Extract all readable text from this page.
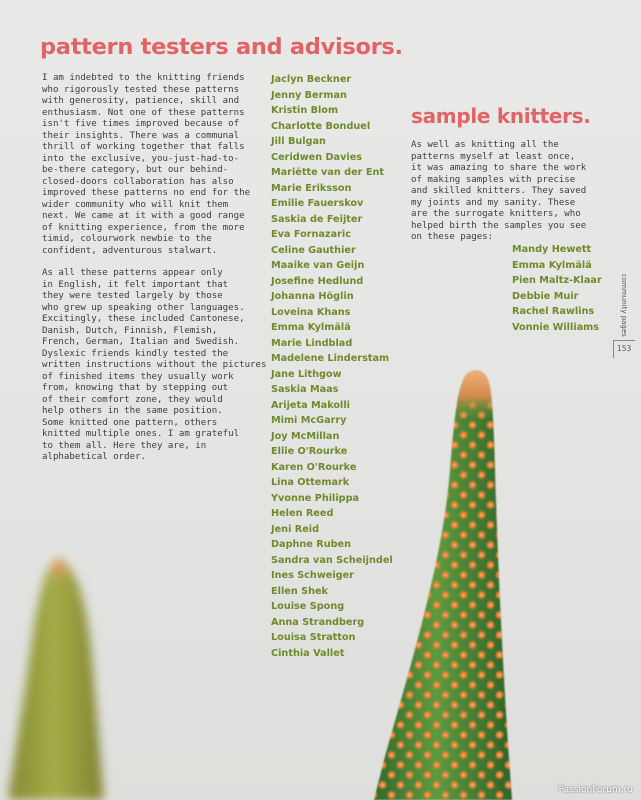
pattern testers and advisors.

I am indebted to the knitting friends
who rigorously tested these patterns
with generosity, patience, skill and
enthusiasm. Not one of these patterns
isn't five times improved because of
their insights. There was a communal
thrill of working together that falls
into the exclusive, you-just-had-to-
be-there category, but our behind-
closed-doors collaboration has also
improved these patterns no end for the
wider community who will knit them
next. We came at it with a good range
of knitting experience, from the more
timid, colourwork newbie to the
confident, adventurous stalwart.

As all these patterns appear only
in English, it felt important that
they were tested largely by those
who grew up speaking other languages.
Excitingly, these included Cantonese,
Danish, Dutch, Finnish, Flemish,
French, German, Italian and Swedish.
Dyslexic friends kindly tested the
written instructions without the pictures
of finished items they usually work
from, knowing that by stepping out
of their comfort zone, they would
help others in the same position.
Some knitted one pattern, others
knitted multiple ones. I am grateful
to them all. Here they are, in
alphabetical order.

Jaclyn Beckner
Jenny Berman
Kristin Blom
Charlotte Bonduel
Jill Bulgan
Ceridwen Davies
Mariëtte van der Ent
Marie Eriksson
Emilie Fauerskov
Saskia de Feijter
Eva Fornazaric
Celine Gauthier
Maaike van Geijn
Josefine Hedlund
Johanna Höglin
Loveina Khans
Emma Kylmälä
Marie Lindblad
Madelene Linderstam
Jane Lithgow
Saskia Maas
Arijeta Makolli
Mimi McGarry
Joy McMillan
Ellie O'Rourke
Karen O'Rourke
Lina Ottemark
Yvonne Philippa
Helen Reed
Jeni Reid
Daphne Ruben
Sandra van Scheijndel
Ines Schweiger
Ellen Shek
Louise Spong
Anna Strandberg
Louisa Stratton
Cinthia Vallet
sample knitters.

As well as knitting all the
patterns myself at least once,
it was amazing to share the work
of making samples with precise
and skilled knitters. They saved
my joints and my sanity. These
are the surrogate knitters, who
helped birth the samples you see
on these pages:

Mandy Hewett
Emma Kylmälä
Pien Maltz-Klaar
Debbie Muir
Rachel Rawlins
Vonnie Williams	community pages
153
PassionForum.ru
